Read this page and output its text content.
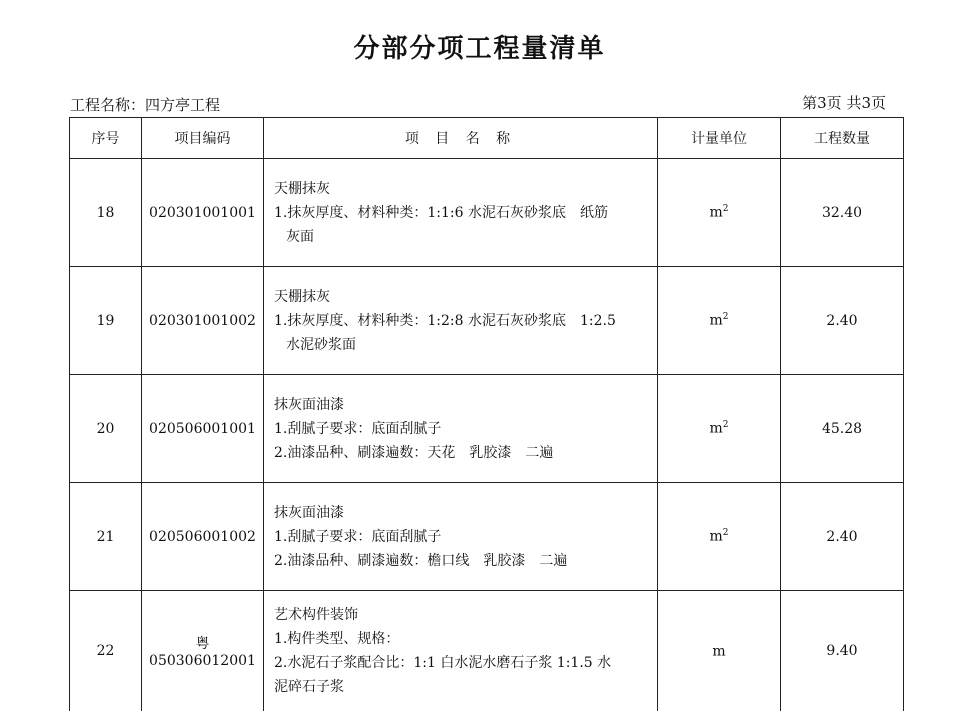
分部分项工程量清单
工程名称：四方亭工程	第3页 共3页
序号	项目编码	项 目 名 称	计量单位	工程数量
18	020301001001	天棚抹灰
1.抹灰厚度、材料种类：1:1:6 水泥石灰砂浆底　纸筋
灰面	$m^2$	32.40
19	020301001002	天棚抹灰
1.抹灰厚度、材料种类：1:2:8 水泥石灰砂浆底　1:2.5
水泥砂浆面	$m^2$	2.40
20	020506001001	抹灰面油漆
1.刮腻子要求：底面刮腻子
2.油漆品种、刷漆遍数：天花　乳胶漆　二遍	$m^2$	45.28
21	020506001002	抹灰面油漆
1.刮腻子要求：底面刮腻子
2.油漆品种、刷漆遍数：檐口线　乳胶漆　二遍	$m^2$	2.40
22	粤 050306012001	艺术构件装饰
1.构件类型、规格：
2.水泥石子浆配合比：1:1 白水泥水磨石子浆 1:1.5 水
泥碎石子浆	m	9.40
